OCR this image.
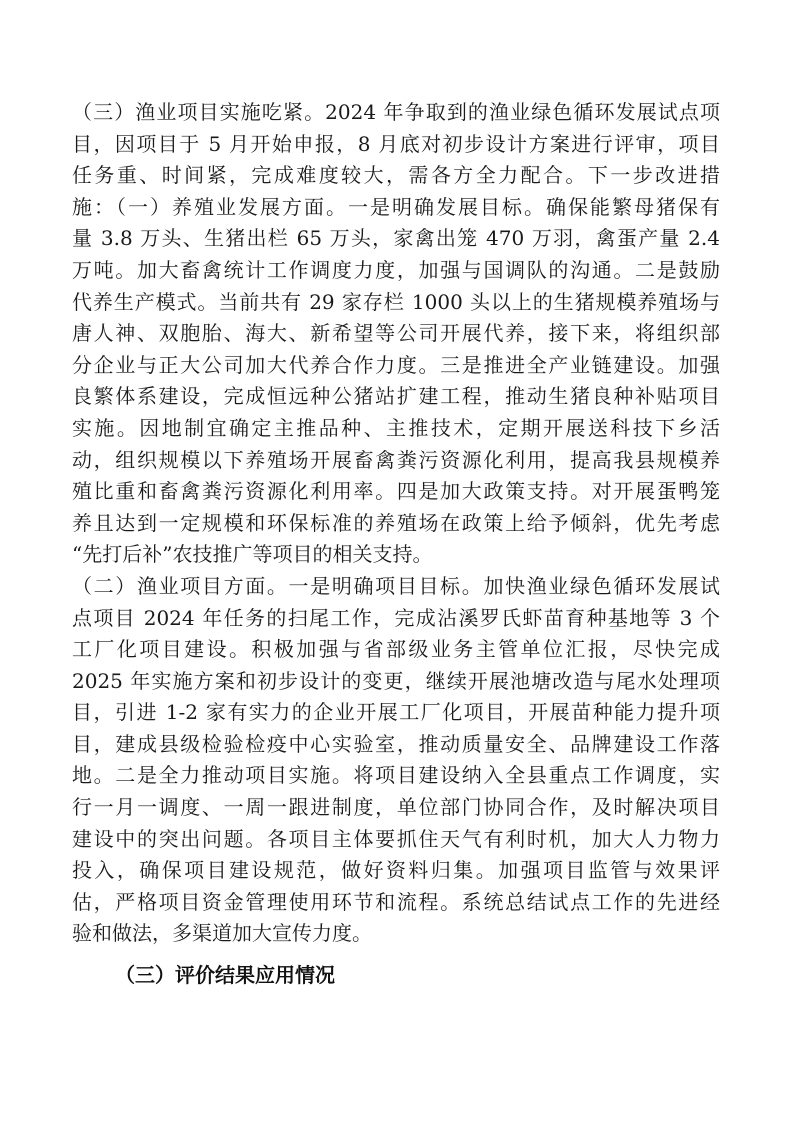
（三）渔业项目实施吃紧。2024 年争取到的渔业绿色循环发展试点项
目，因项目于 5 月开始申报，8 月底对初步设计方案进行评审，项目
任务重、时间紧，完成难度较大，需各方全力配合。下一步改进措
施：（一）养殖业发展方面。一是明确发展目标。确保能繁母猪保有
量 3.8 万头、生猪出栏 65 万头，家禽出笼 470 万羽，禽蛋产量 2.4
万吨。加大畜禽统计工作调度力度，加强与国调队的沟通。二是鼓励
代养生产模式。当前共有 29 家存栏 1000 头以上的生猪规模养殖场与
唐人神、双胞胎、海大、新希望等公司开展代养，接下来，将组织部
分企业与正大公司加大代养合作力度。三是推进全产业链建设。加强
良繁体系建设，完成恒远种公猪站扩建工程，推动生猪良种补贴项目
实施。因地制宜确定主推品种、主推技术，定期开展送科技下乡活
动，组织规模以下养殖场开展畜禽粪污资源化利用，提高我县规模养
殖比重和畜禽粪污资源化利用率。四是加大政策支持。对开展蛋鸭笼
养且达到一定规模和环保标准的养殖场在政策上给予倾斜，优先考虑
“先打后补”农技推广等项目的相关支持。
（二）渔业项目方面。一是明确项目目标。加快渔业绿色循环发展试
点项目 2024 年任务的扫尾工作，完成沾溪罗氏虾苗育种基地等 3 个
工厂化项目建设。积极加强与省部级业务主管单位汇报，尽快完成
2025 年实施方案和初步设计的变更，继续开展池塘改造与尾水处理项
目，引进 1-2 家有实力的企业开展工厂化项目，开展苗种能力提升项
目，建成县级检验检疫中心实验室，推动质量安全、品牌建设工作落
地。二是全力推动项目实施。将项目建设纳入全县重点工作调度，实
行一月一调度、一周一跟进制度，单位部门协同合作，及时解决项目
建设中的突出问题。各项目主体要抓住天气有利时机，加大人力物力
投入，确保项目建设规范，做好资料归集。加强项目监管与效果评
估，严格项目资金管理使用环节和流程。系统总结试点工作的先进经
验和做法，多渠道加大宣传力度。
（三）评价结果应用情况
